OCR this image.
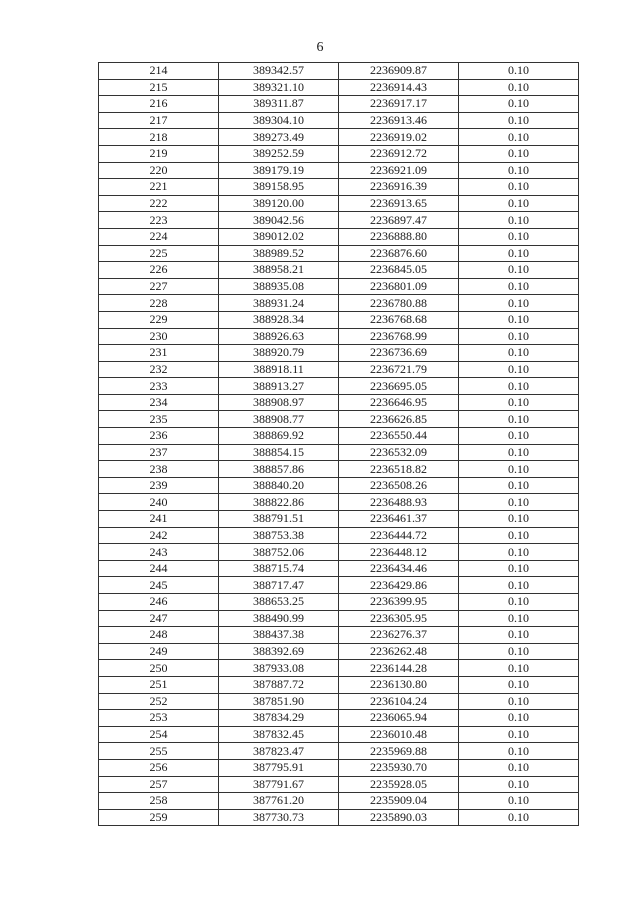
6
214	389342.57	2236909.87	0.10
215	389321.10	2236914.43	0.10
216	389311.87	2236917.17	0.10
217	389304.10	2236913.46	0.10
218	389273.49	2236919.02	0.10
219	389252.59	2236912.72	0.10
220	389179.19	2236921.09	0.10
221	389158.95	2236916.39	0.10
222	389120.00	2236913.65	0.10
223	389042.56	2236897.47	0.10
224	389012.02	2236888.80	0.10
225	388989.52	2236876.60	0.10
226	388958.21	2236845.05	0.10
227	388935.08	2236801.09	0.10
228	388931.24	2236780.88	0.10
229	388928.34	2236768.68	0.10
230	388926.63	2236768.99	0.10
231	388920.79	2236736.69	0.10
232	388918.11	2236721.79	0.10
233	388913.27	2236695.05	0.10
234	388908.97	2236646.95	0.10
235	388908.77	2236626.85	0.10
236	388869.92	2236550.44	0.10
237	388854.15	2236532.09	0.10
238	388857.86	2236518.82	0.10
239	388840.20	2236508.26	0.10
240	388822.86	2236488.93	0.10
241	388791.51	2236461.37	0.10
242	388753.38	2236444.72	0.10
243	388752.06	2236448.12	0.10
244	388715.74	2236434.46	0.10
245	388717.47	2236429.86	0.10
246	388653.25	2236399.95	0.10
247	388490.99	2236305.95	0.10
248	388437.38	2236276.37	0.10
249	388392.69	2236262.48	0.10
250	387933.08	2236144.28	0.10
251	387887.72	2236130.80	0.10
252	387851.90	2236104.24	0.10
253	387834.29	2236065.94	0.10
254	387832.45	2236010.48	0.10
255	387823.47	2235969.88	0.10
256	387795.91	2235930.70	0.10
257	387791.67	2235928.05	0.10
258	387761.20	2235909.04	0.10
259	387730.73	2235890.03	0.10
